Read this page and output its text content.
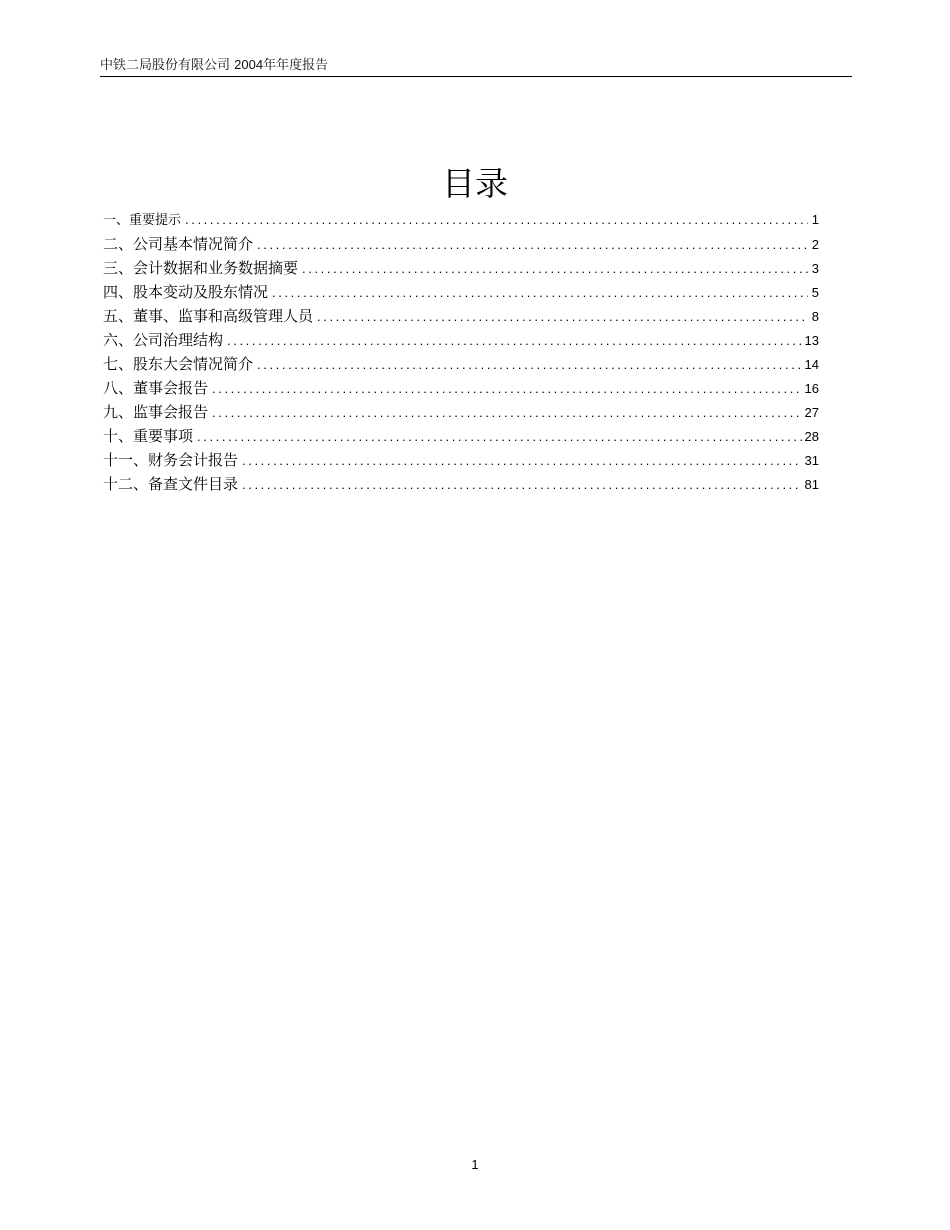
中铁二局股份有限公司 2004年年度报告
目录
一、重要提示 .....	1
二、公司基本情况简介 .....	2
三、会计数据和业务数据摘要 .....	3
四、股本变动及股东情况 .....	5
五、董事、监事和高级管理人员 .....	8
六、公司治理结构 .....	13
七、股东大会情况简介 .....	14
八、董事会报告 .....	16
九、监事会报告 .....	27
十、重要事项 .....	28
十一、财务会计报告 .....	31
十二、备查文件目录 .....	81
1
